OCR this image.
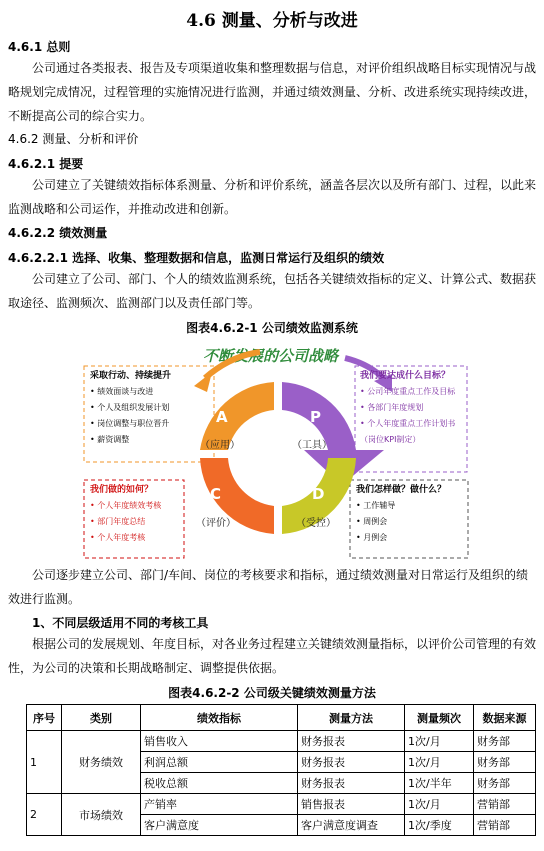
4.6 测量、分析与改进
4.6.1 总则
公司通过各类报表、报告及专项渠道收集和整理数据与信息，对评价组织战略目标实现情况与战略规划完成情况，过程管理的实施情况进行监测，并通过绩效测量、分析、改进系统实现持续改进，不断提高公司的综合实力。
4.6.2 测量、分析和评价
4.6.2.1 提要
公司建立了关键绩效指标体系测量、分析和评价系统，涵盖各层次以及所有部门、过程，以此来监测战略和公司运作，并推动改进和创新。
4.6.2.2 绩效测量
4.6.2.2.1 选择、收集、整理数据和信息，监测日常运行及组织的绩效
公司建立了公司、部门、个人的绩效监测系统，包括各关键绩效指标的定义、计算公式、数据获取途径、监测频次、监测部门以及责任部门等。
图表4.6.2-1 公司绩效监测系统
不断发展的公司战略
采取行动、持续提升
• 绩效面谈与改进
• 个人及组织发展计划
• 岗位调整与职位晋升
• 薪资调整
我们要达成什么目标？
• 公司年度重点工作及目标
• 各部门年度规划
• 个人年度重点工作计划书（岗位KPI制定）
我们做的如何？
• 个人年度绩效考核
• 部门年度总结
• 个人年度考核
我们怎样做？做什么？
• 工作辅导
• 周例会
• 月例会
A
（应用）
P
（工具）
C
（评价）
D
（受控）
公司逐步建立公司、部门/车间、岗位的考核要求和指标，通过绩效测量对日常运行及组织的绩效进行监测。
1、不同层级适用不同的考核工具
根据公司的发展规划、年度目标，对各业务过程建立关键绩效测量指标，以评价公司管理的有效性，为公司的决策和长期战略制定、调整提供依据。
图表4.6.2-2 公司级关键绩效测量方法
序号	类别	绩效指标	测量方法	测量频次	数据来源
1	财务绩效	销售收入	财务报表	1次/月	财务部
		利润总额	财务报表	1次/月	财务部
		税收总额	财务报表	1次/半年	财务部
2	市场绩效	产销率	销售报表	1次/月	营销部
		客户满意度	客户满意度调查	1次/季度	营销部
